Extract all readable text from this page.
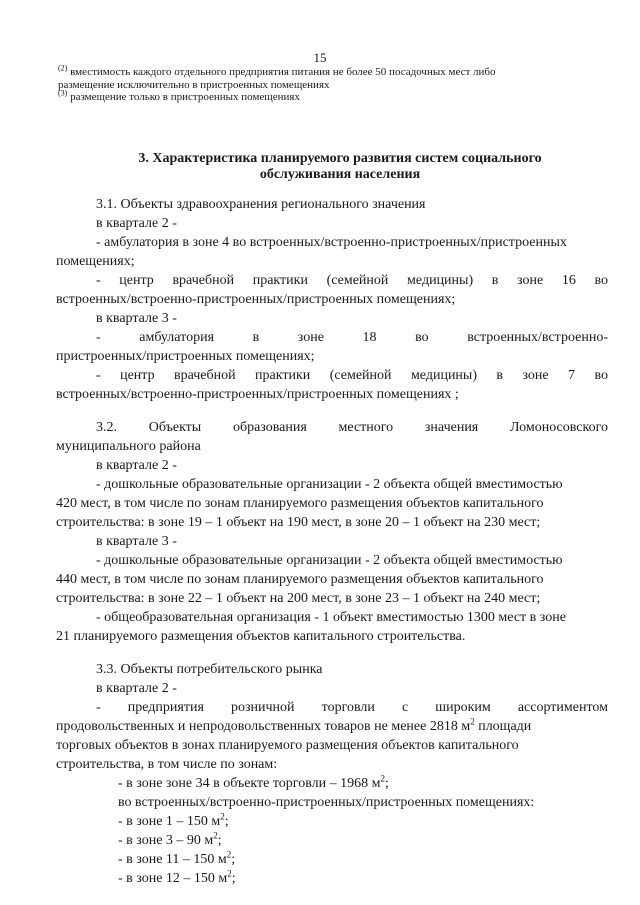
15
$^{(2)}$ вместимость каждого отдельного предприятия питания не более 50 посадочных мест либо
размещение исключительно в пристроенных помещениях
$^{(3)}$ размещение только в пристроенных помещениях
3. Характеристика планируемого развития систем социального
обслуживания населения
3.1. Объекты здравоохранения регионального значения
в квартале 2 -
- амбулатория в зоне 4 во встроенных/встроенно-пристроенных/пристроенных
помещениях;
- центр врачебной практики (семейной медицины) в зоне 16 во
встроенных/встроенно-пристроенных/пристроенных помещениях;
в квартале 3 -
- амбулатория в зоне 18 во встроенных/встроенно-
пристроенных/пристроенных помещениях;
- центр врачебной практики (семейной медицины) в зоне 7 во
встроенных/встроенно-пристроенных/пристроенных помещениях ;
3.2. Объекты образования местного значения Ломоносовского
муниципального района
в квартале 2 -
- дошкольные образовательные организации - 2 объекта общей вместимостью
420 мест, в том числе по зонам планируемого размещения объектов капитального
строительства: в зоне 19 – 1 объект на 190 мест, в зоне 20 – 1 объект на 230 мест;
в квартале 3 -
- дошкольные образовательные организации - 2 объекта общей вместимостью
440 мест, в том числе по зонам планируемого размещения объектов капитального
строительства: в зоне 22 – 1 объект на 200 мест, в зоне 23 – 1 объект на 240 мест;
- общеобразовательная организация - 1 объект вместимостью 1300 мест в зоне
21 планируемого размещения объектов капитального строительства.
3.3. Объекты потребительского рынка
в квартале 2 -
- предприятия розничной торговли с широким ассортиментом
продовольственных и непродовольственных товаров не менее 2818 $м^2$ площади
торговых объектов в зонах планируемого размещения объектов капитального
строительства, в том числе по зонам:
- в зоне зоне 34 в объекте торговли – 1968 $м^2$;
во встроенных/встроенно-пристроенных/пристроенных помещениях:
- в зоне 1 – 150 $м^2$;
- в зоне 3 – 90 $м^2$;
- в зоне 11 – 150 $м^2$;
- в зоне 12 – 150 $м^2$;
